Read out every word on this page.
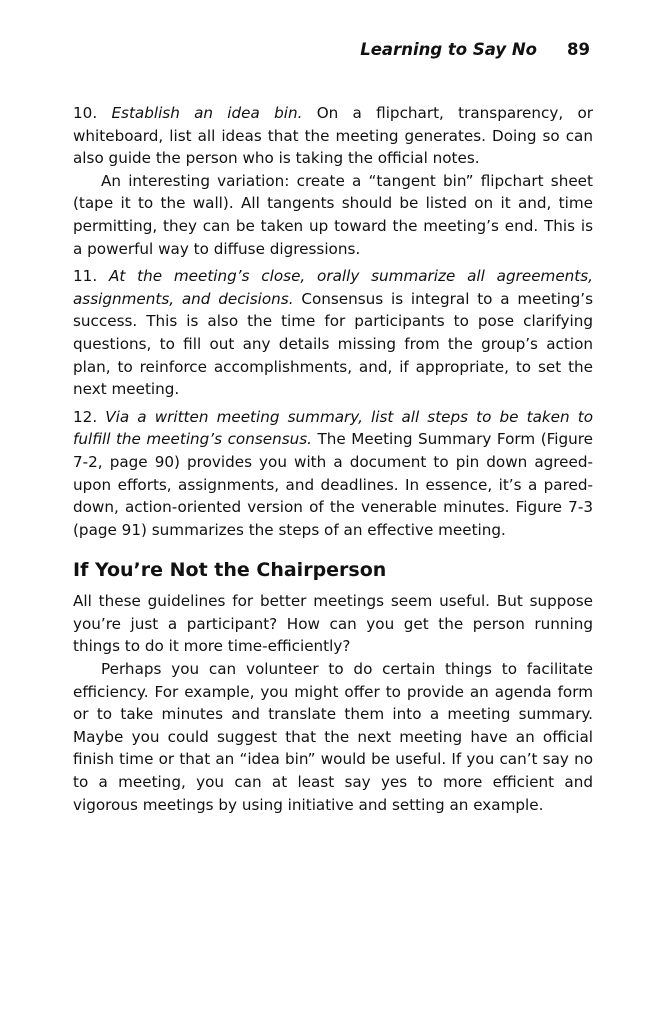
Learning to Say No 89

10. Establish an idea bin. On a flipchart, transparency, or whiteboard, list all ideas that the meeting generates. Doing so can also guide the person who is taking the official notes.

An interesting variation: create a “tangent bin” flipchart sheet (tape it to the wall). All tangents should be listed on it and, time permitting, they can be taken up toward the meeting’s end. This is a powerful way to diffuse digressions.

11. At the meeting’s close, orally summarize all agreements, assignments, and decisions. Consensus is integral to a meeting’s success. This is also the time for participants to pose clarifying questions, to fill out any details missing from the group’s action plan, to reinforce accomplishments, and, if appropriate, to set the next meeting.

12. Via a written meeting summary, list all steps to be taken to fulfill the meeting’s consensus. The Meeting Summary Form (Figure 7-2, page 90) provides you with a document to pin down agreed-upon efforts, assignments, and deadlines. In essence, it’s a pared-down, action-oriented version of the venerable minutes. Figure 7-3 (page 91) summarizes the steps of an effective meeting.

If You’re Not the Chairperson

All these guidelines for better meetings seem useful. But suppose you’re just a participant? How can you get the person running things to do it more time-efficiently?

Perhaps you can volunteer to do certain things to facilitate efficiency. For example, you might offer to provide an agenda form or to take minutes and translate them into a meeting summary. Maybe you could suggest that the next meeting have an official finish time or that an “idea bin” would be useful. If you can’t say no to a meeting, you can at least say yes to more efficient and vigorous meetings by using initiative and setting an example.
